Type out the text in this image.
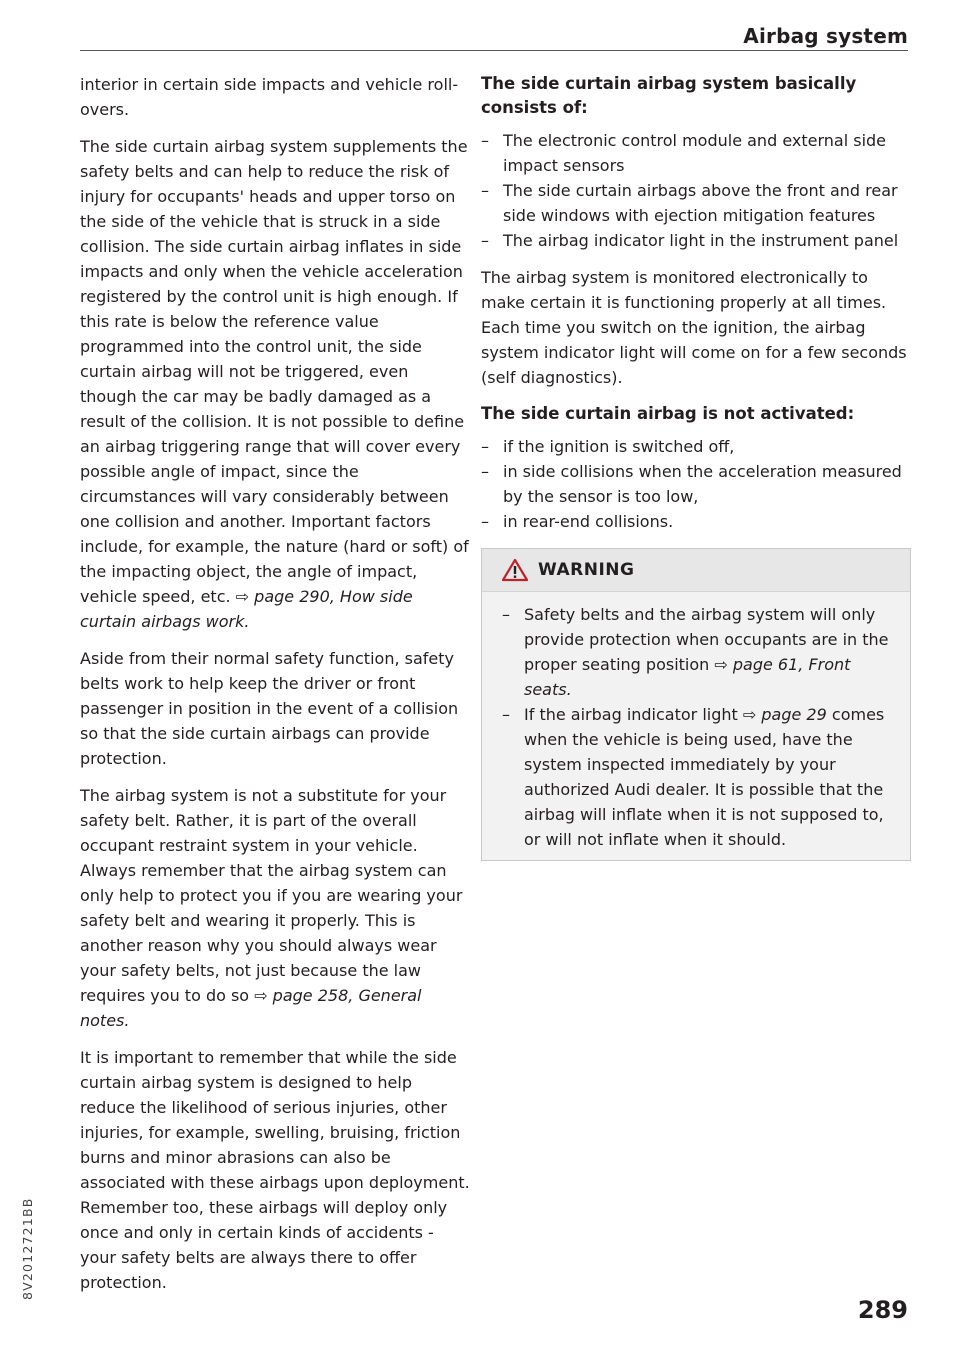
Airbag system

interior in certain side impacts and vehicle roll-overs.

The side curtain airbag system supplements the safety belts and can help to reduce the risk of injury for occupants' heads and upper torso on the side of the vehicle that is struck in a side collision. The side curtain airbag inflates in side impacts and only when the vehicle acceleration registered by the control unit is high enough. If this rate is below the reference value programmed into the control unit, the side curtain airbag will not be triggered, even though the car may be badly damaged as a result of the collision. It is not possible to define an airbag triggering range that will cover every possible angle of impact, since the circumstances will vary considerably between one collision and another. Important factors include, for example, the nature (hard or soft) of the impacting object, the angle of impact, vehicle speed, etc. ⇨ page 290, How side curtain airbags work.

Aside from their normal safety function, safety belts work to help keep the driver or front passenger in position in the event of a collision so that the side curtain airbags can provide protection.

The airbag system is not a substitute for your safety belt. Rather, it is part of the overall occupant restraint system in your vehicle. Always remember that the airbag system can only help to protect you if you are wearing your safety belt and wearing it properly. This is another reason why you should always wear your safety belts, not just because the law requires you to do so ⇨ page 258, General notes.

It is important to remember that while the side curtain airbag system is designed to help reduce the likelihood of serious injuries, other injuries, for example, swelling, bruising, friction burns and minor abrasions can also be associated with these airbags upon deployment. Remember too, these airbags will deploy only once and only in certain kinds of accidents - your safety belts are always there to offer protection.

The side curtain airbag system basically consists of:
– The electronic control module and external side impact sensors
– The side curtain airbags above the front and rear side windows with ejection mitigation features
– The airbag indicator light in the instrument panel

The airbag system is monitored electronically to make certain it is functioning properly at all times. Each time you switch on the ignition, the airbag system indicator light will come on for a few seconds (self diagnostics).

The side curtain airbag is not activated:
– if the ignition is switched off,
– in side collisions when the acceleration measured by the sensor is too low,
– in rear-end collisions.
WARNING
– Safety belts and the airbag system will only provide protection when occupants are in the proper seating position ⇨ page 61, Front seats.
– If the airbag indicator light ⇨ page 29 comes when the vehicle is being used, have the system inspected immediately by your authorized Audi dealer. It is possible that the airbag will inflate when it is not supposed to, or will not inflate when it should.
8V2012721BB
289
